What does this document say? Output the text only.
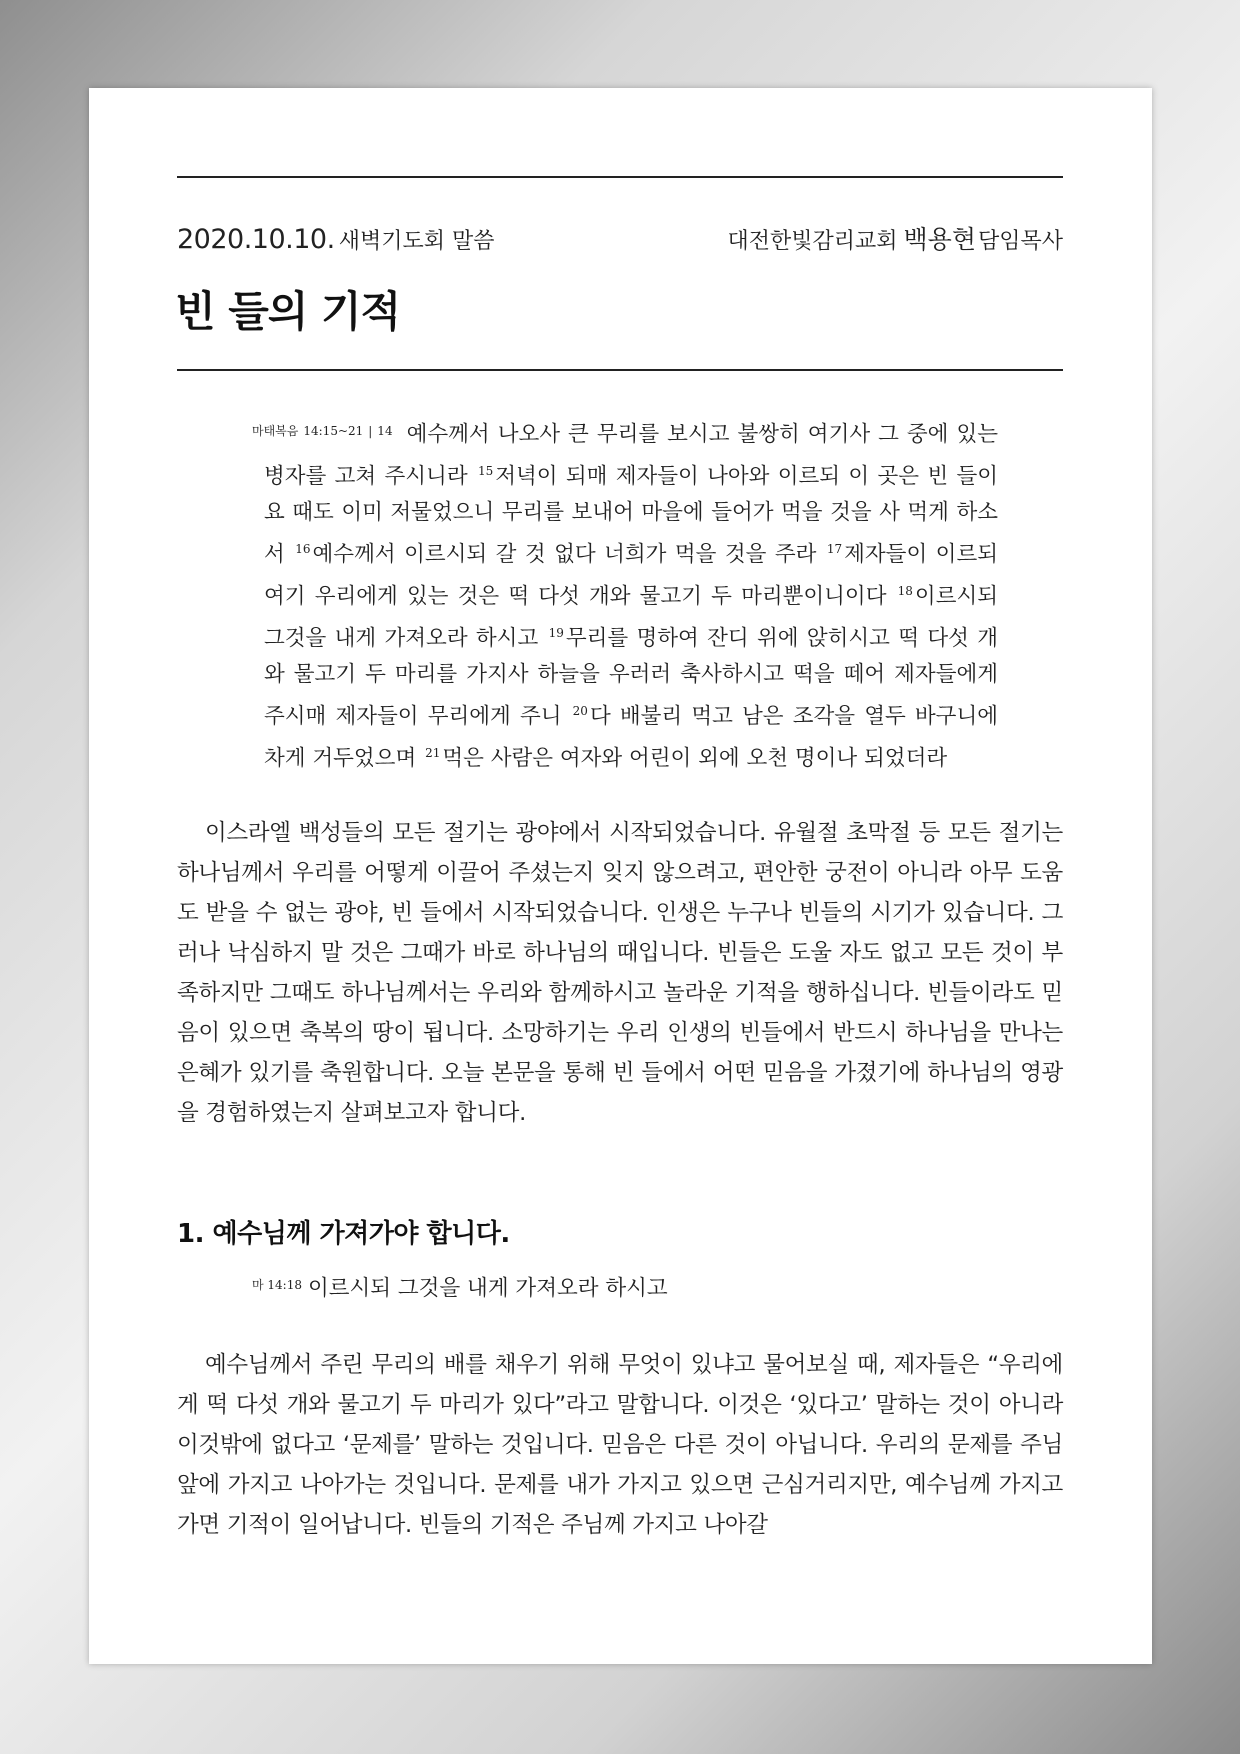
2020.10.10. 새벽기도회 말씀	대전한빛감리교회 백용현담임목사
빈 들의 기적
$^{마태복음 14:15\sim 21 | 14}$ 예수께서 나오사 큰 무리를 보시고 불쌍히 여기사 그 중에 있는 병자를 고쳐 주시니라 $^{15}$저녁이 되매 제자들이 나아와 이르되 이 곳은 빈 들이요 때도 이미 저물었으니 무리를 보내어 마을에 들어가 먹을 것을 사 먹게 하소서 $^{16}$예수께서 이르시되 갈 것 없다 너희가 먹을 것을 주라 $^{17}$제자들이 이르되 여기 우리에게 있는 것은 떡 다섯 개와 물고기 두 마리뿐이니이다 $^{18}$이르시되 그것을 내게 가져오라 하시고 $^{19}$무리를 명하여 잔디 위에 앉히시고 떡 다섯 개와 물고기 두 마리를 가지사 하늘을 우러러 축사하시고 떡을 떼어 제자들에게 주시매 제자들이 무리에게 주니 $^{20}$다 배불리 먹고 남은 조각을 열두 바구니에 차게 거두었으며 $^{21}$먹은 사람은 여자와 어린이 외에 오천 명이나 되었더라

이스라엘 백성들의 모든 절기는 광야에서 시작되었습니다. 유월절 초막절 등 모든 절기는 하나님께서 우리를 어떻게 이끌어 주셨는지 잊지 않으려고, 편안한 궁전이 아니라 아무 도움도 받을 수 없는 광야, 빈 들에서 시작되었습니다. 인생은 누구나 빈들의 시기가 있습니다. 그러나 낙심하지 말 것은 그때가 바로 하나님의 때입니다. 빈들은 도울 자도 없고 모든 것이 부족하지만 그때도 하나님께서는 우리와 함께하시고 놀라운 기적을 행하십니다. 빈들이라도 믿음이 있으면 축복의 땅이 됩니다. 소망하기는 우리 인생의 빈들에서 반드시 하나님을 만나는 은혜가 있기를 축원합니다. 오늘 본문을 통해 빈 들에서 어떤 믿음을 가졌기에 하나님의 영광을 경험하였는지 살펴보고자 합니다.

1. 예수님께 가져가야 합니다.

$^{마 14:18}$ 이르시되 그것을 내게 가져오라 하시고

예수님께서 주린 무리의 배를 채우기 위해 무엇이 있냐고 물어보실 때, 제자들은 “우리에게 떡 다섯 개와 물고기 두 마리가 있다”라고 말합니다. 이것은 ‘있다고’ 말하는 것이 아니라 이것밖에 없다고 ‘문제를’ 말하는 것입니다. 믿음은 다른 것이 아닙니다. 우리의 문제를 주님 앞에 가지고 나아가는 것입니다. 문제를 내가 가지고 있으면 근심거리지만, 예수님께 가지고 가면 기적이 일어납니다. 빈들의 기적은 주님께 가지고 나아갈
